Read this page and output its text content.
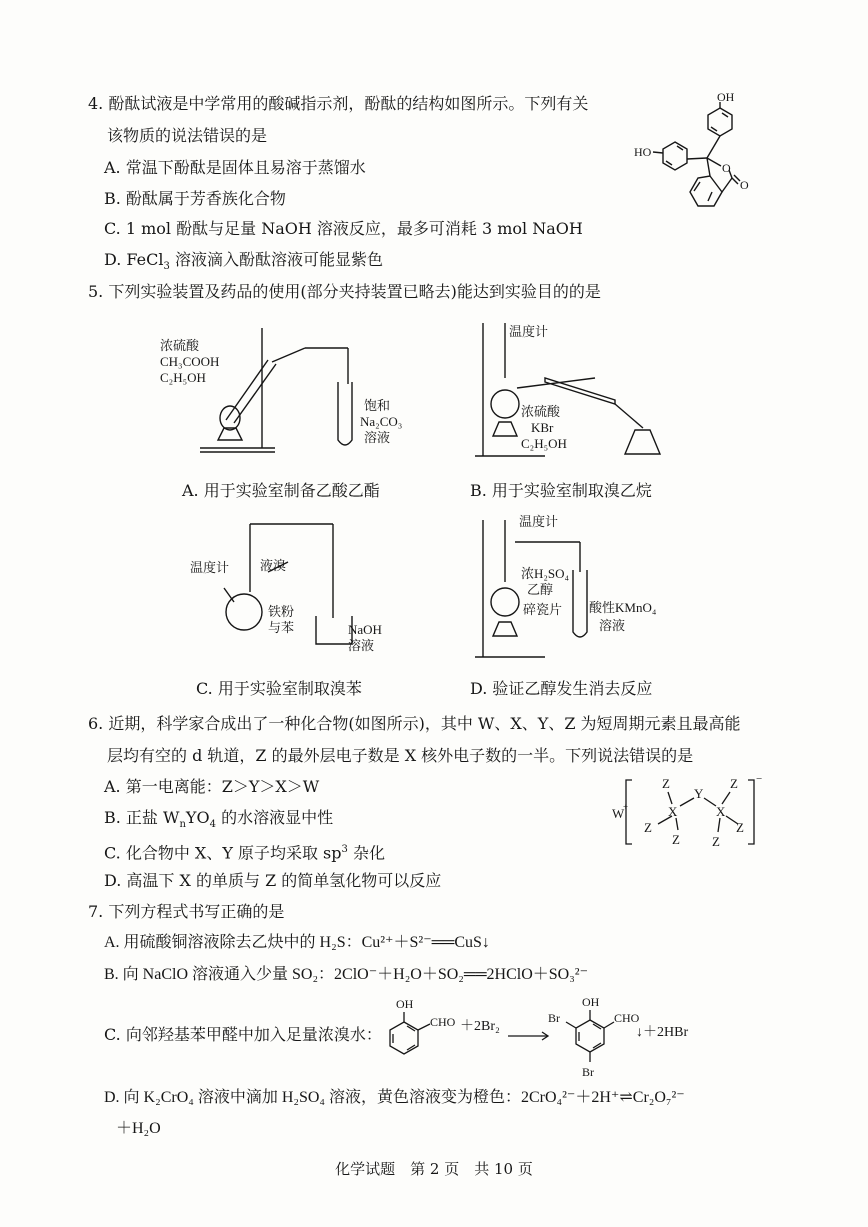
4. 酚酞试液是中学常用的酸碱指示剂，酚酞的结构如图所示。下列有关
该物质的说法错误的是
A. 常温下酚酞是固体且易溶于蒸馏水
B. 酚酞属于芳香族化合物
C. 1 mol 酚酞与足量 NaOH 溶液反应，最多可消耗 3 mol NaOH
D. FeCl$_3$ 溶液滴入酚酞溶液可能显紫色
OH
HO
O
O
5. 下列实验装置及药品的使用(部分夹持装置已略去)能达到实验目的的是
浓硫酸
CH₃COOH
C₂H₅OH
饱和
Na₂CO₃
溶液
A. 用于实验室制备乙酸乙酯
温度计
浓硫酸
KBr
C₂H₅OH
B. 用于实验室制取溴乙烷
温度计 液溴
铁粉
与苯	NaOH
溶液
C. 用于实验室制取溴苯
温度计
浓H₂SO₄
乙醇
碎瓷片 酸性KMnO₄
溶液
D. 验证乙醇发生消去反应
6. 近期，科学家合成出了一种化合物(如图所示)，其中 W、X、Y、Z 为短周期元素且最高能
层均有空的 d 轨道，Z 的最外层电子数是 X 核外电子数的一半。下列说法错误的是
A. 第一电离能：Z＞Y＞X＞W
B. 正盐 $W_nYO_4$ 的水溶液显中性
C. 化合物中 X、Y 原子均采取 $sp^3$ 杂化
D. 高温下 X 的单质与 Z 的简单氢化物可以反应
W
+	X
Y
X
Z
Z
Z
Z
Z
Z
−
7. 下列方程式书写正确的是
A. 用硫酸铜溶液除去乙炔中的 H₂S：Cu²⁺＋S²⁻══CuS↓
B. 向 NaClO 溶液通入少量 SO₂：2ClO⁻＋H₂O＋SO₂══2HClO＋SO₃²⁻
C. 向邻羟基苯甲醛中加入足量浓溴水：
OH
CHO ＋2Br₂
OH
CHO
Br
Br
↓＋2HBr
D. 向 K₂CrO₄ 溶液中滴加 H₂SO₄ 溶液，黄色溶液变为橙色：2CrO₄²⁻＋2H⁺⇌Cr₂O₇²⁻
＋H₂O
化学试题　第 2 页　共 10 页
